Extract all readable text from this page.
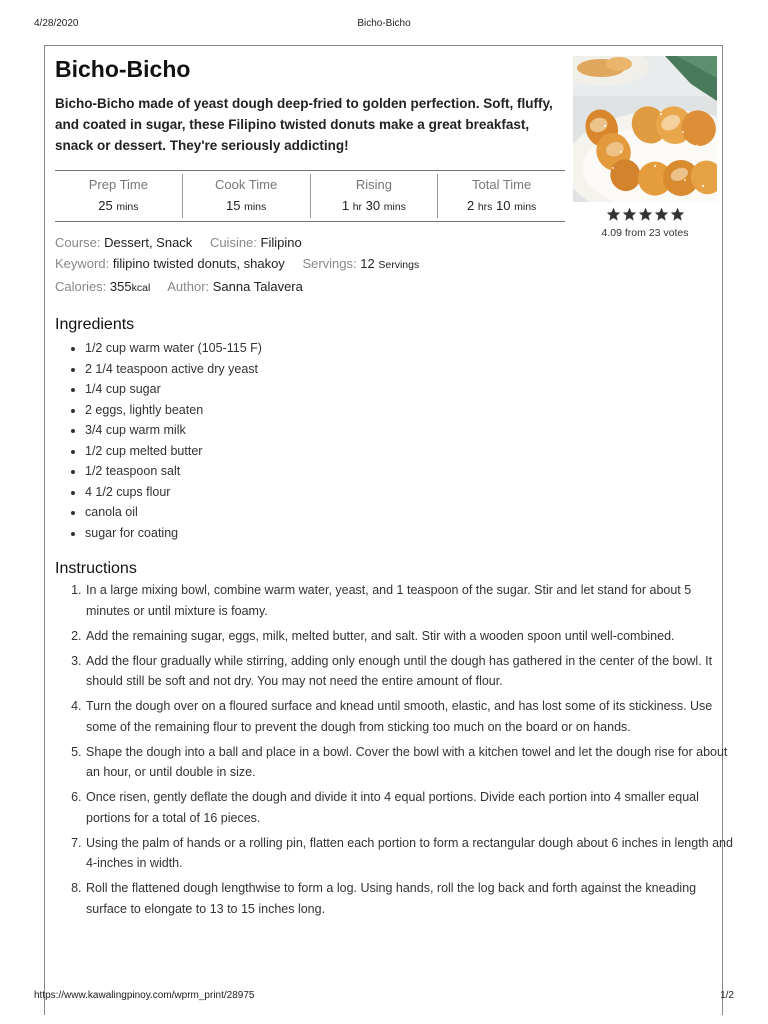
4/28/2020	Bicho-Bicho
Bicho-Bicho
Bicho-Bicho made of yeast dough deep-fried to golden perfection. Soft, fluffy, and coated in sugar, these Filipino twisted donuts make a great breakfast, snack or dessert. They're seriously addicting!
4.09 from 23 votes
Prep Time
25 mins
Cook Time
15 mins
Rising
1 hr 30 mins
Total Time
2 hrs 10 mins
Course: Dessert, Snack Cuisine: Filipino
Keyword: filipino twisted donuts, shakoy Servings: 12 Servings
Calories: 355kcal Author: Sanna Talavera
Ingredients
• 1/2 cup warm water (105-115 F)
• 2 1/4 teaspoon active dry yeast
• 1/4 cup sugar
• 2 eggs, lightly beaten
• 3/4 cup warm milk
• 1/2 cup melted butter
• 1/2 teaspoon salt
• 4 1/2 cups flour
• canola oil
• sugar for coating
Instructions
1. In a large mixing bowl, combine warm water, yeast, and 1 teaspoon of the sugar. Stir and let stand for about 5 minutes or until mixture is foamy.
2. Add the remaining sugar, eggs, milk, melted butter, and salt. Stir with a wooden spoon until well-combined.
3. Add the flour gradually while stirring, adding only enough until the dough has gathered in the center of the bowl. It should still be soft and not dry. You may not need the entire amount of flour.
4. Turn the dough over on a floured surface and knead until smooth, elastic, and has lost some of its stickiness. Use some of the remaining flour to prevent the dough from sticking too much on the board or on hands.
5. Shape the dough into a ball and place in a bowl. Cover the bowl with a kitchen towel and let the dough rise for about an hour, or until double in size.
6. Once risen, gently deflate the dough and divide it into 4 equal portions. Divide each portion into 4 smaller equal portions for a total of 16 pieces.
7. Using the palm of hands or a rolling pin, flatten each portion to form a rectangular dough about 6 inches in length and 4-inches in width.
8. Roll the flattened dough lengthwise to form a log. Using hands, roll the log back and forth against the kneading surface to elongate to 13 to 15 inches long.
https://www.kawalingpinoy.com/wprm_print/28975	1/2
